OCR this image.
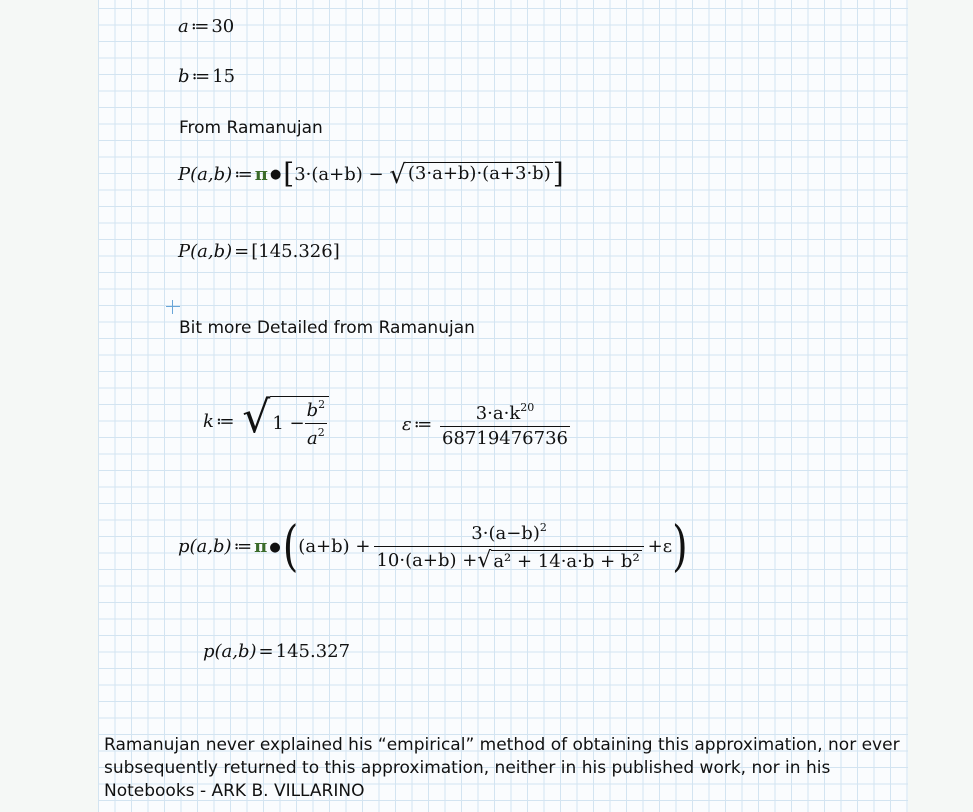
a ≔ 30
b ≔ 15
From Ramanujan
P(a,b) ≔ π ●[3·(a+b) − √ (3·a+b)·(a+3·b) ]
P(a,b) = [145.326]
Bit more Detailed from Ramanujan
k ≔ √ $1 - \frac{b^2}{a^2}$	ε ≔ $\frac{3\cdot a\cdot k^{20}}{68719476736}$
p(a,b) ≔ π ● ( $(a+b) + \frac{3\cdot(a-b)^2}{\text{10·(a+b) + √ a² + 14·a·b + b²}} +\varepsilon$ )
p(a,b) = 145.327
Ramanujan never explained his “empirical” method of obtaining this approximation, nor ever subsequently returned to this approximation, neither in his published work, nor in his Notebooks - ARK B. VILLARINO
